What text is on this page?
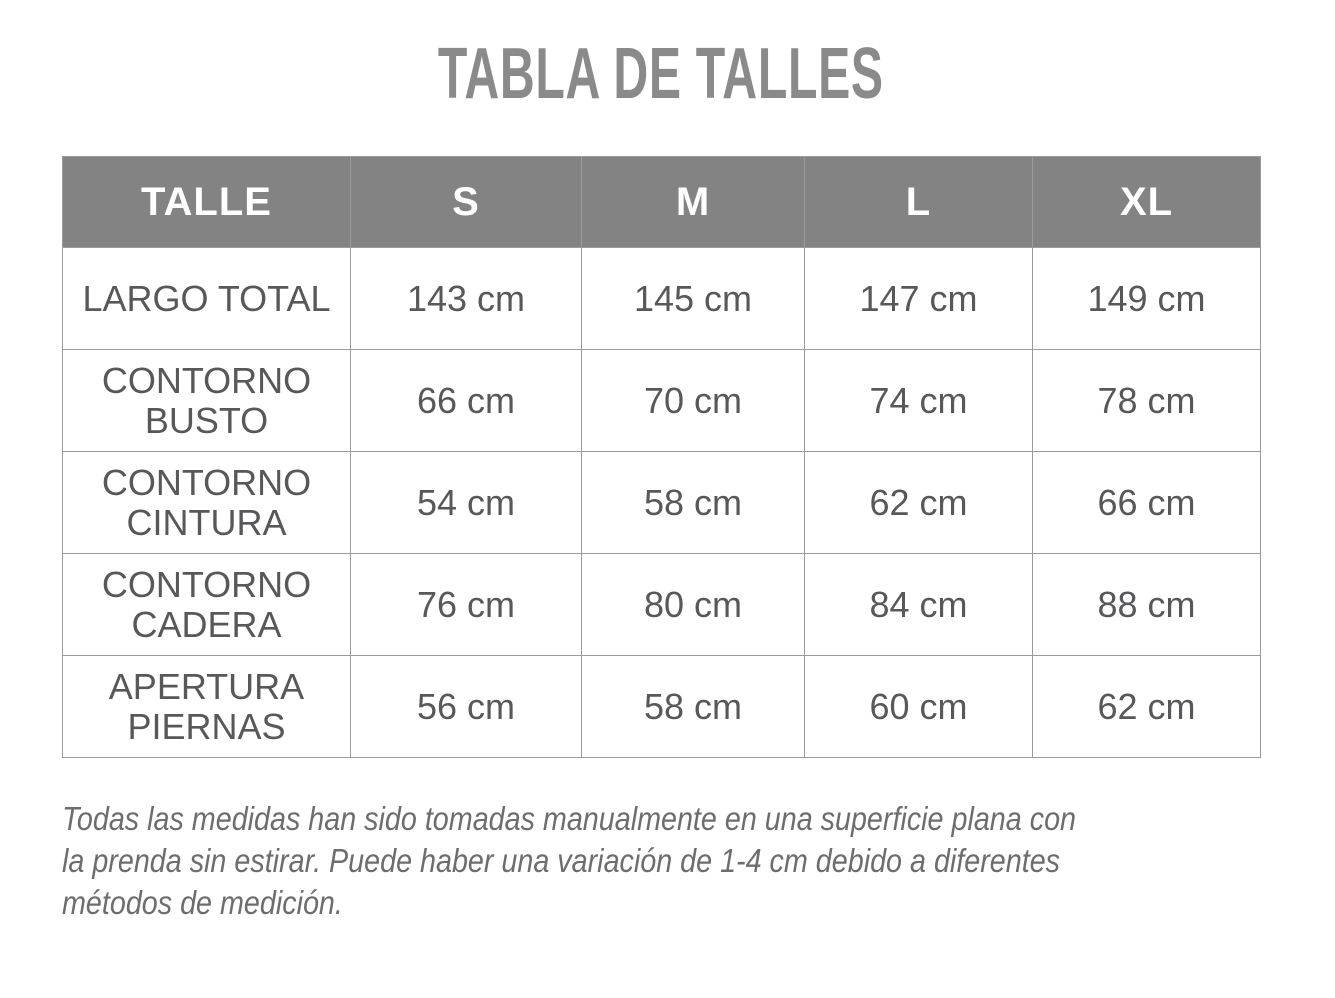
TABLA DE TALLES
TALLE	S	M	L	XL

LARGO TOTAL	143 cm	145 cm	147 cm	149 cm

CONTORNO
BUSTO	66 cm	70 cm	74 cm	78 cm

CONTORNO
CINTURA	54 cm	58 cm	62 cm	66 cm

CONTORNO
CADERA	76 cm	80 cm	84 cm	88 cm

APERTURA
PIERNAS	56 cm	58 cm	60 cm	62 cm
Todas las medidas han sido tomadas manualmente en una superficie plana con
la prenda sin estirar. Puede haber una variación de 1-4 cm debido a diferentes
métodos de medición.
